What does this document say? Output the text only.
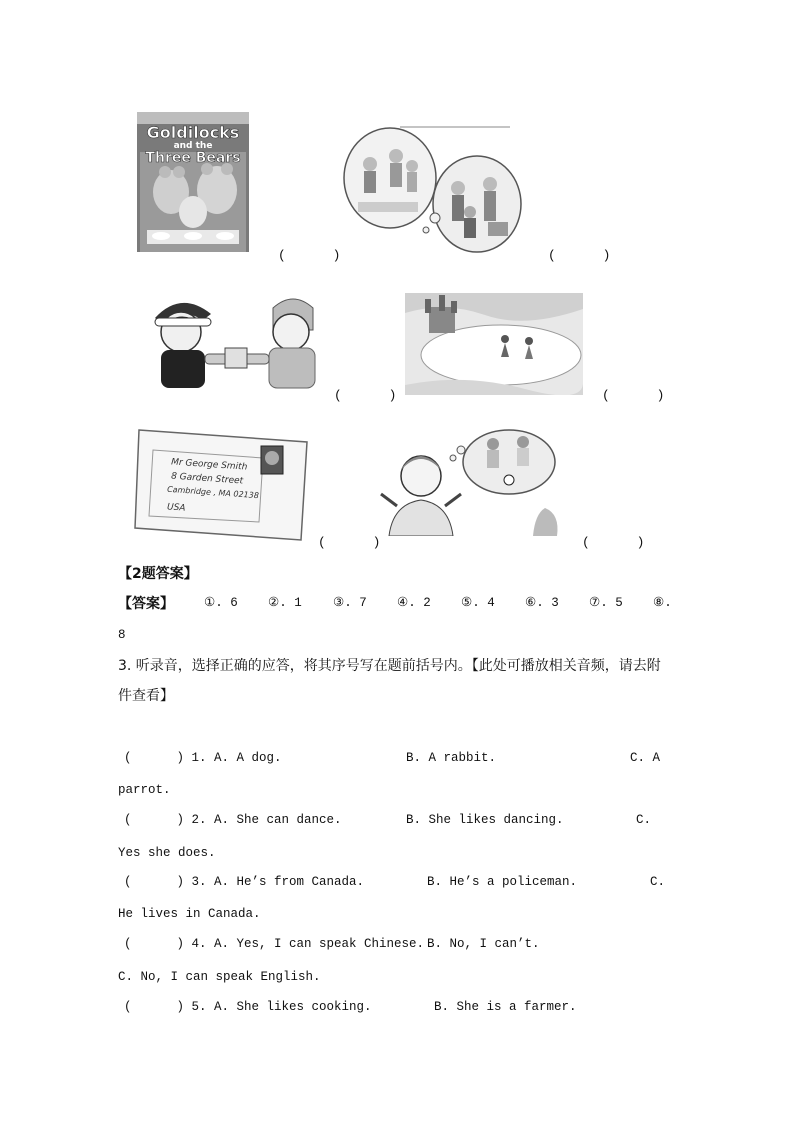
Goldilocks
and the
Three Bears
(      )	(      )
(      )	(      )
Mr George Smith
8 Garden Street
Cambridge , MA 02138
USA
(      )	(      )
【2题答案】
【答案】 ①. 6 ②. 1	③. 7 ④. 2 ⑤. 4 ⑥. 3 ⑦. 5 ⑧.
8
3. 听录音，选择正确的应答，将其序号写在题前括号内。【此处可播放相关音频，请去附
件查看】
(      ) 1. A. A dog.	B. A rabbit.	C. A
parrot.
(      ) 2. A. She can dance.	B. She likes dancing.	C.
Yes she does.
(      ) 3. A. He’s from Canada.	B. He’s a policeman.	C.
He lives in Canada.
(      ) 4. A. Yes, I can speak Chinese. B. No, I can’t.
C. No, I can speak English.
(      ) 5. A. She likes cooking.	B. She is a farmer.
